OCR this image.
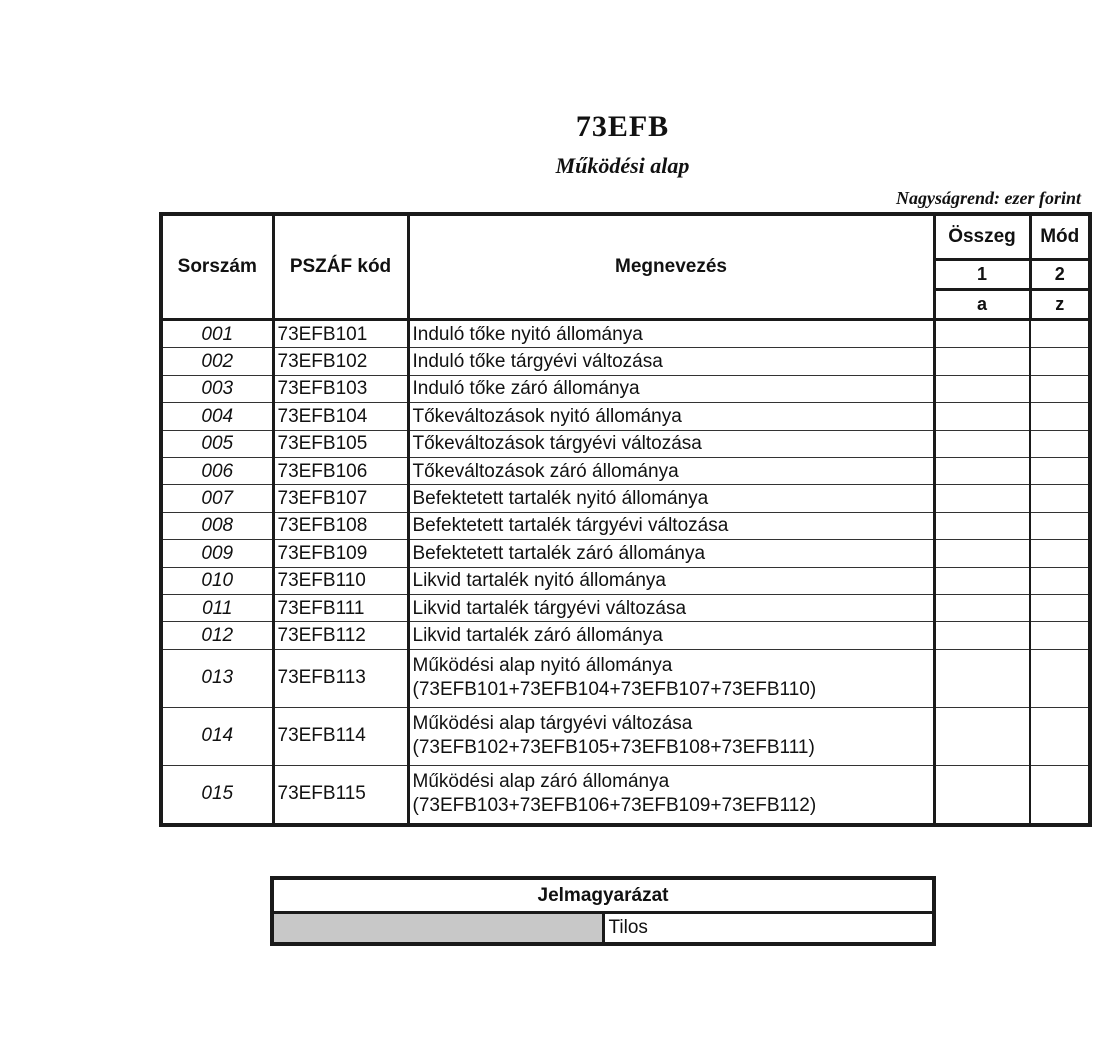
73EFB
Működési alap
Nagyságrend: ezer forint
Sorszám	PSZÁF kód	Megnevezés	Összeg	Mód
			1	2
			a	z
001	73EFB101	Induló tőke nyitó állománya		
002	73EFB102	Induló tőke tárgyévi változása		
003	73EFB103	Induló tőke záró állománya		
004	73EFB104	Tőkeváltozások nyitó állománya		
005	73EFB105	Tőkeváltozások tárgyévi változása		
006	73EFB106	Tőkeváltozások záró állománya		
007	73EFB107	Befektetett tartalék nyitó állománya		
008	73EFB108	Befektetett tartalék tárgyévi változása		
009	73EFB109	Befektetett tartalék záró állománya		
010	73EFB110	Likvid tartalék nyitó állománya		
011	73EFB111	Likvid tartalék tárgyévi változása		
012	73EFB112	Likvid tartalék záró állománya		
013	73EFB113	Működési alap nyitó állománya
(73EFB101+73EFB104+73EFB107+73EFB110)		

014	73EFB114	Működési alap tárgyévi változása
(73EFB102+73EFB105+73EFB108+73EFB111)		

015	73EFB115	Működési alap záró állománya
(73EFB103+73EFB106+73EFB109+73EFB112)		

Jelmagyarázat
	Tilos
